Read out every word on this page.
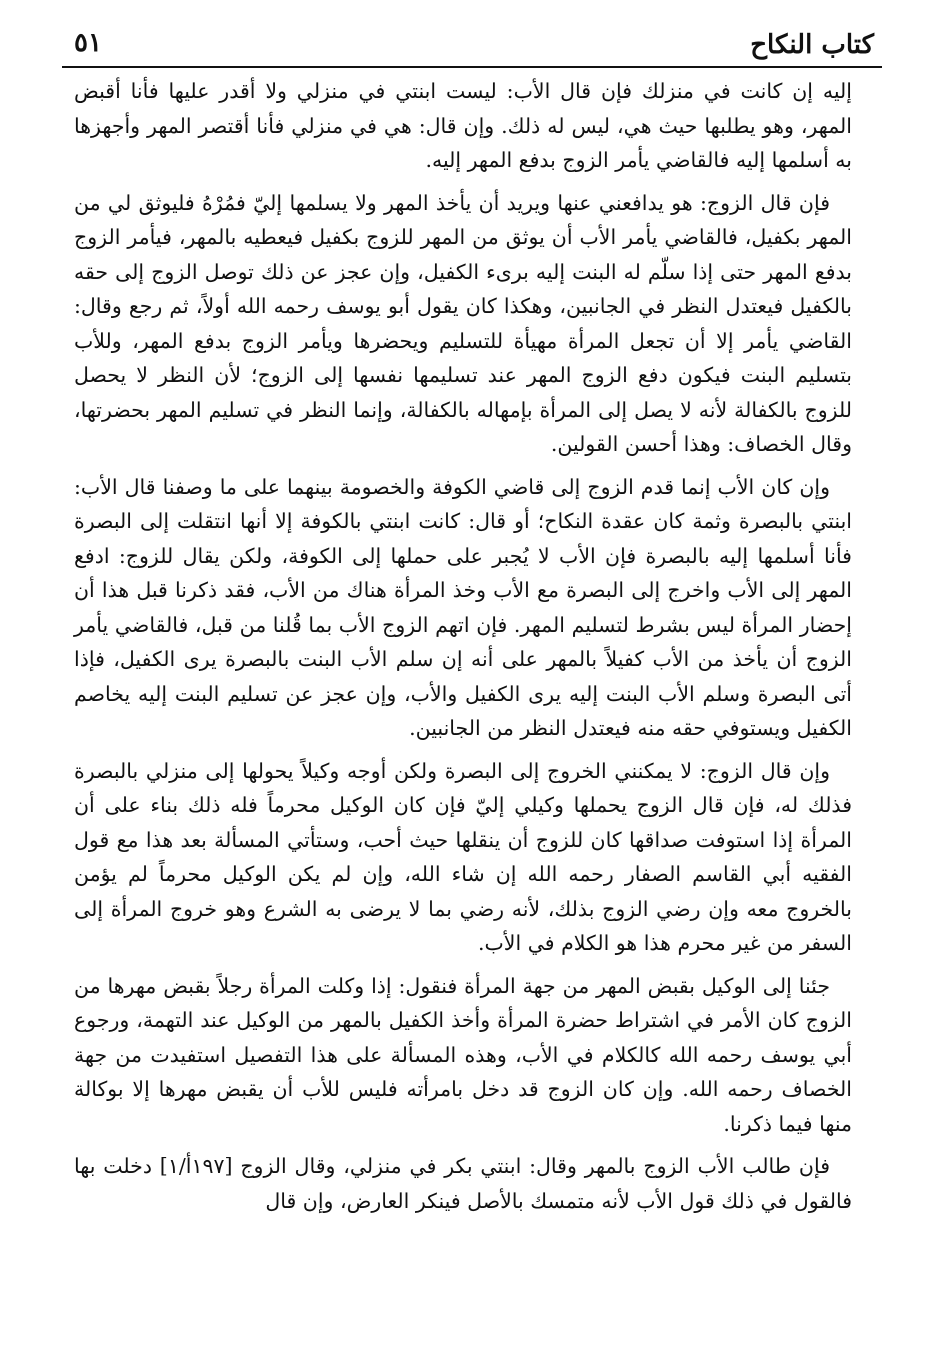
كتاب النكاح
٥١

إليه إن كانت في منزلك فإن قال الأب: ليست ابنتي في منزلي ولا أقدر عليها فأنا أقبض المهر، وهو يطلبها حيث هي، ليس له ذلك. وإن قال: هي في منزلي فأنا أقتصر المهر وأجهزها به أسلمها إليه فالقاضي يأمر الزوج بدفع المهر إليه.

فإن قال الزوج: هو يدافعني عنها ويريد أن يأخذ المهر ولا يسلمها إليّ فمُرْهُ فليوثق لي من المهر بكفيل، فالقاضي يأمر الأب أن يوثق من المهر للزوج بكفيل فيعطيه بالمهر، فيأمر الزوج بدفع المهر حتى إذا سلّم له البنت إليه برىء الكفيل، وإن عجز عن ذلك توصل الزوج إلى حقه بالكفيل فيعتدل النظر في الجانبين، وهكذا كان يقول أبو يوسف رحمه الله أولاً، ثم رجع وقال: القاضي يأمر إلا أن تجعل المرأة مهيأة للتسليم ويحضرها ويأمر الزوج بدفع المهر، وللأب بتسليم البنت فيكون دفع الزوج المهر عند تسليمها نفسها إلى الزوج؛ لأن النظر لا يحصل للزوج بالكفالة لأنه لا يصل إلى المرأة بإمهاله بالكفالة، وإنما النظر في تسليم المهر بحضرتها، وقال الخصاف: وهذا أحسن القولين.

وإن كان الأب إنما قدم الزوج إلى قاضي الكوفة والخصومة بينهما على ما وصفنا قال الأب: ابنتي بالبصرة وثمة كان عقدة النكاح؛ أو قال: كانت ابنتي بالكوفة إلا أنها انتقلت إلى البصرة فأنا أسلمها إليه بالبصرة فإن الأب لا يُجبر على حملها إلى الكوفة، ولكن يقال للزوج: ادفع المهر إلى الأب واخرج إلى البصرة مع الأب وخذ المرأة هناك من الأب، فقد ذكرنا قبل هذا أن إحضار المرأة ليس بشرط لتسليم المهر. فإن اتهم الزوج الأب بما قُلنا من قبل، فالقاضي يأمر الزوج أن يأخذ من الأب كفيلاً بالمهر على أنه إن سلم الأب البنت بالبصرة يرى الكفيل، فإذا أتى البصرة وسلم الأب البنت إليه يرى الكفيل والأب، وإن عجز عن تسليم البنت إليه يخاصم الكفيل ويستوفي حقه منه فيعتدل النظر من الجانبين.

وإن قال الزوج: لا يمكنني الخروج إلى البصرة ولكن أوجه وكيلاً يحولها إلى منزلي بالبصرة فذلك له، فإن قال الزوج يحملها وكيلي إليّ فإن كان الوكيل محرماً فله ذلك بناء على أن المرأة إذا استوفت صداقها كان للزوج أن ينقلها حيث أحب، وستأتي المسألة بعد هذا مع قول الفقيه أبي القاسم الصفار رحمه الله إن شاء الله، وإن لم يكن الوكيل محرماً لم يؤمن بالخروج معه وإن رضي الزوج بذلك، لأنه رضي بما لا يرضى به الشرع وهو خروج المرأة إلى السفر من غير محرم هذا هو الكلام في الأب.

جئنا إلى الوكيل بقبض المهر من جهة المرأة فنقول: إذا وكلت المرأة رجلاً بقبض مهرها من الزوج كان الأمر في اشتراط حضرة المرأة وأخذ الكفيل بالمهر من الوكيل عند التهمة، ورجوع أبي يوسف رحمه الله كالكلام في الأب، وهذه المسألة على هذا التفصيل استفيدت من جهة الخصاف رحمه الله. وإن كان الزوج قد دخل بامرأته فليس للأب أن يقبض مهرها إلا بوكالة منها فيما ذكرنا.

فإن طالب الأب الزوج بالمهر وقال: ابنتي بكر في منزلي، وقال الزوج [١٩٧أ/١] دخلت بها فالقول في ذلك قول الأب لأنه متمسك بالأصل فينكر العارض، وإن قال
